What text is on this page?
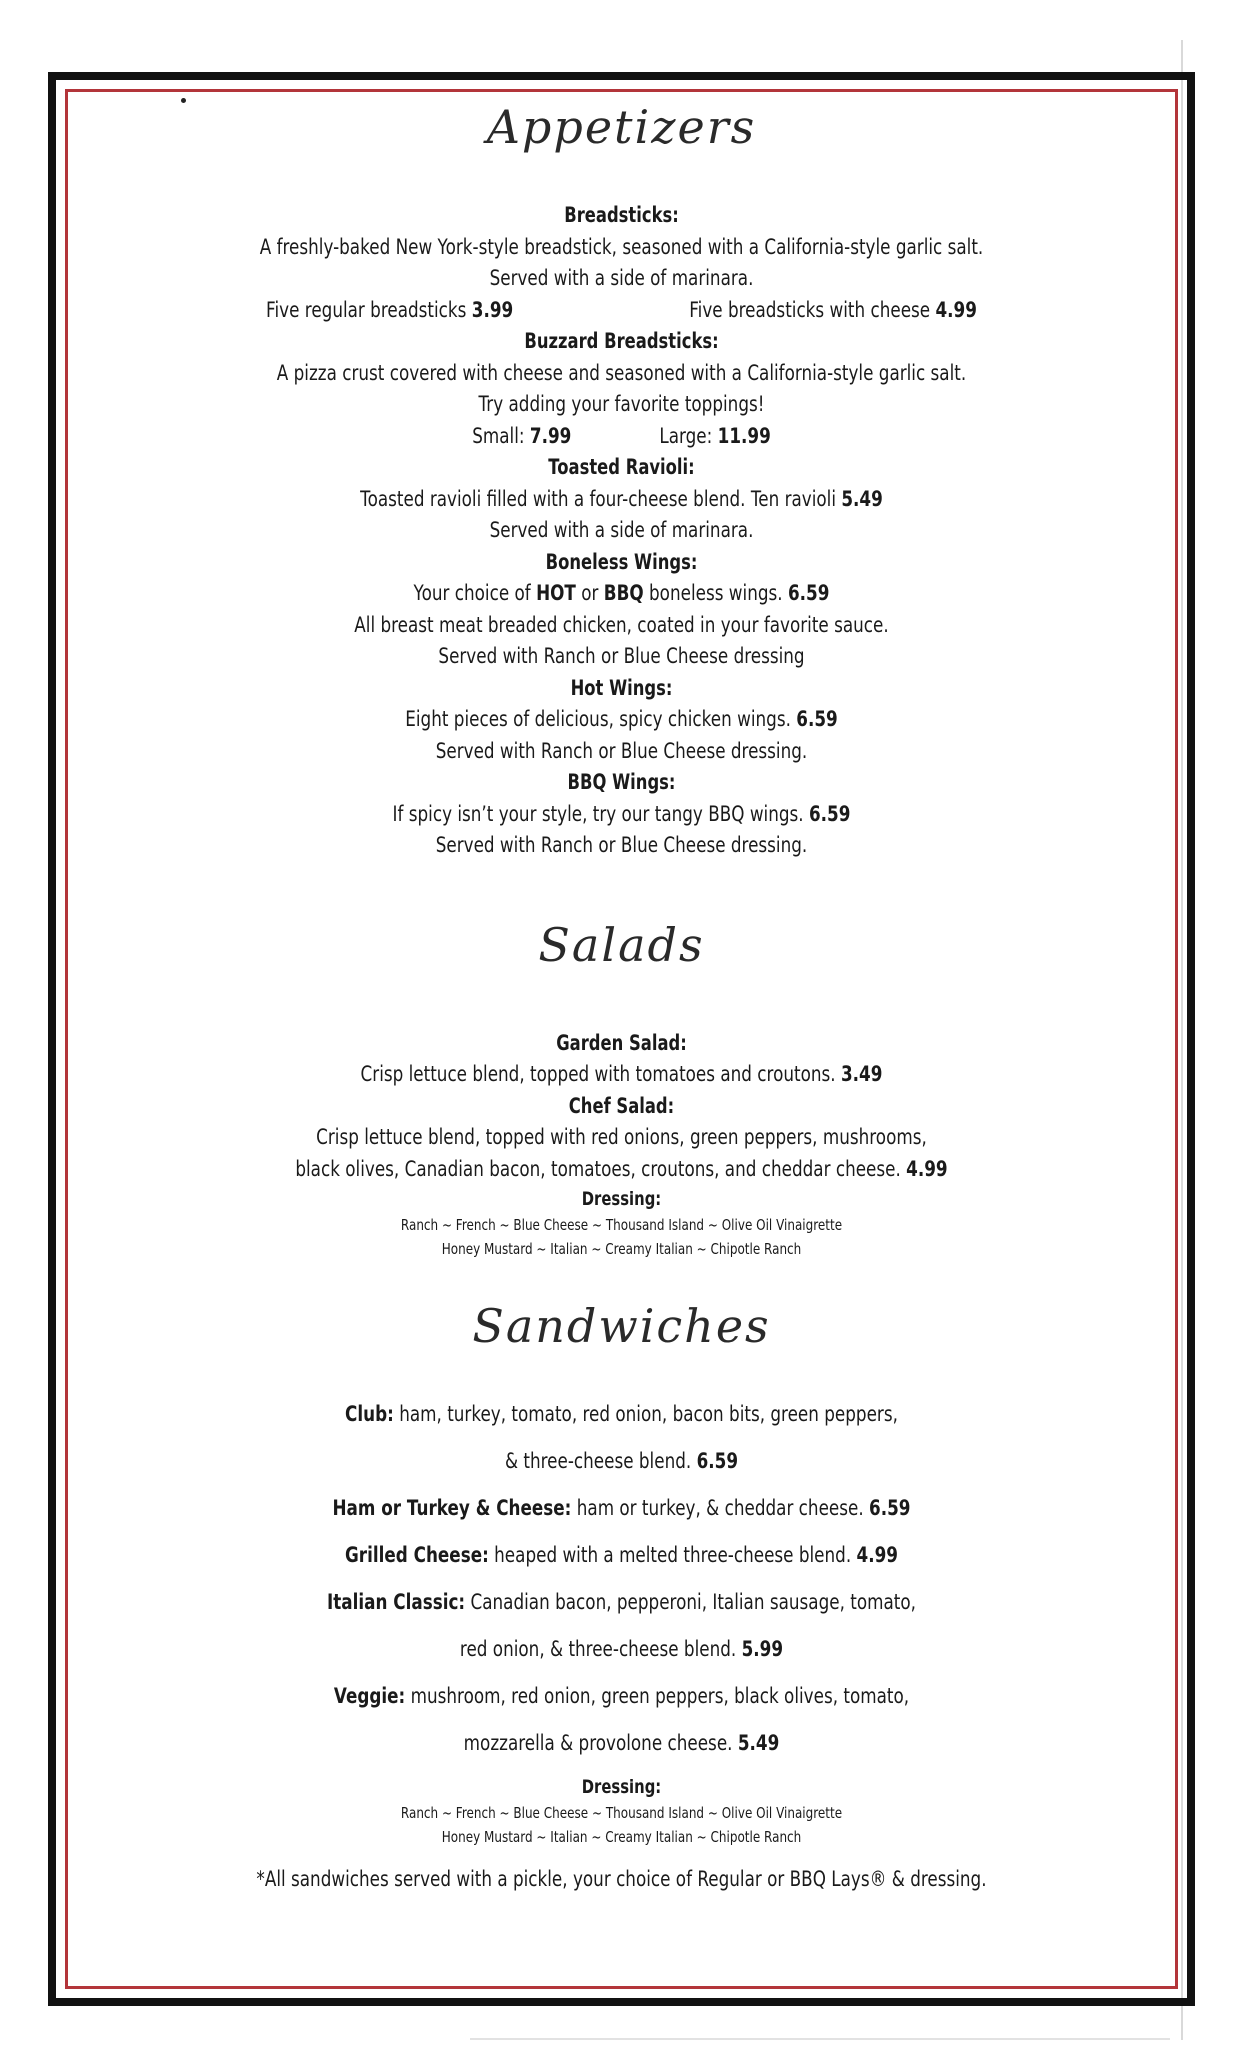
Appetizers

Breadsticks:

A freshly-baked New York-style breadstick, seasoned with a California-style garlic salt.

Served with a side of marinara.

Five regular breadsticks 3.99	Five breadsticks with cheese 4.99

Buzzard Breadsticks:

A pizza crust covered with cheese and seasoned with a California-style garlic salt.

Try adding your favorite toppings!

Small: 7.99	Large: 11.99

Toasted Ravioli:

Toasted ravioli filled with a four-cheese blend. Ten ravioli 5.49

Served with a side of marinara.

Boneless Wings:

Your choice of HOT or BBQ boneless wings. 6.59

All breast meat breaded chicken, coated in your favorite sauce.

Served with Ranch or Blue Cheese dressing

Hot Wings:

Eight pieces of delicious, spicy chicken wings. 6.59

Served with Ranch or Blue Cheese dressing.

BBQ Wings:

If spicy isn’t your style, try our tangy BBQ wings. 6.59

Served with Ranch or Blue Cheese dressing.

Salads

Garden Salad:

Crisp lettuce blend, topped with tomatoes and croutons. 3.49

Chef Salad:

Crisp lettuce blend, topped with red onions, green peppers, mushrooms,

black olives, Canadian bacon, tomatoes, croutons, and cheddar cheese. 4.99

Dressing:

Ranch ~ French ~ Blue Cheese ~ Thousand Island ~ Olive Oil Vinaigrette

Honey Mustard ~ Italian ~ Creamy Italian ~ Chipotle Ranch

Sandwiches

Club: ham, turkey, tomato, red onion, bacon bits, green peppers,

& three-cheese blend. 6.59

Ham or Turkey & Cheese: ham or turkey, & cheddar cheese. 6.59

Grilled Cheese: heaped with a melted three-cheese blend. 4.99

Italian Classic: Canadian bacon, pepperoni, Italian sausage, tomato,

red onion, & three-cheese blend. 5.99

Veggie: mushroom, red onion, green peppers, black olives, tomato,

mozzarella & provolone cheese. 5.49

Dressing:

Ranch ~ French ~ Blue Cheese ~ Thousand Island ~ Olive Oil Vinaigrette

Honey Mustard ~ Italian ~ Creamy Italian ~ Chipotle Ranch

*All sandwiches served with a pickle, your choice of Regular or BBQ Lays® & dressing.
